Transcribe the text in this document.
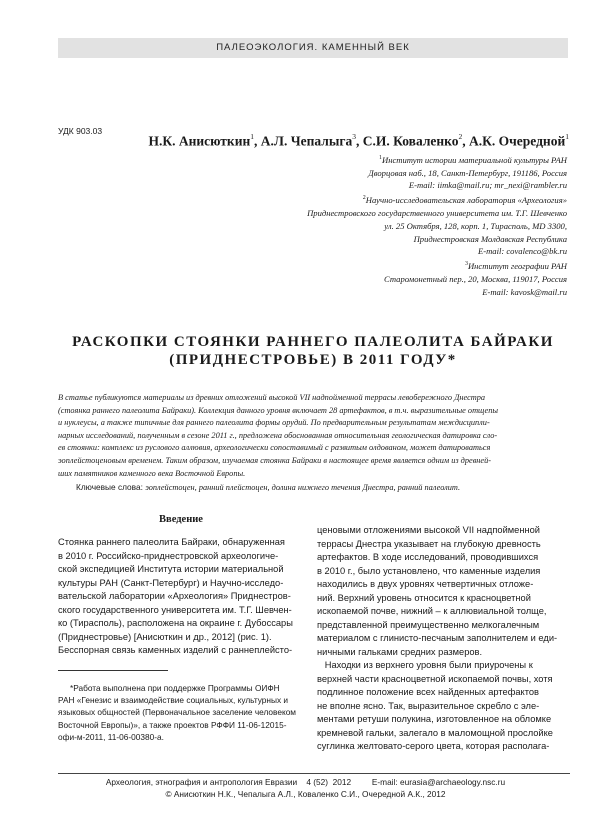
ПАЛЕОЭКОЛОГИЯ. КАМЕННЫЙ ВЕК
УДК 903.03
Н.К. Анисюткин$^1$, А.Л. Чепалыга$^3$, С.И. Коваленко$^2$, А.К. Очередной$^1$
$^1$Институт истории материальной культуры РАН
Дворцовая наб., 18, Санкт-Петербург, 191186, Россия
E-mail: iimka@mail.ru; mr_nexi@rambler.ru
$^2$Научно-исследовательская лаборатория «Археология»
Приднестровского государственного университета им. Т.Г. Шевченко
ул. 25 Октября, 128, корп. 1, Тирасполь, MD 3300,
Приднестровская Молдавская Республика
E-mail: covalenco@bk.ru
$^3$Институт географии РАН
Старомонетный пер., 20, Москва, 119017, Россия
E-mail: kavosk@mail.ru
РАСКОПКИ СТОЯНКИ РАННЕГО ПАЛЕОЛИТА БАЙРАКИ
(ПРИДНЕСТРОВЬЕ) В 2011 ГОДУ*
В статье публикуются материалы из древних отложений высокой VII надпойменной террасы левобережного Днестра
(стоянка раннего палеолита Байраки). Коллекция данного уровня включает 28 артефактов, в т.ч. выразительные отщепы
и нуклеусы, а также типичные для раннего палеолита формы орудий. По предварительным результатам междисципли-
нарных исследований, полученным в сезоне 2011 г., предложена обоснованная относительная геологическая датировка сло-
ев стоянки: комплекс из руслового аллювия, археологически сопоставимый с развитым олдованом, может датироваться
эоплейстоценовым временем. Таким образом, изучаемая стоянка Байраки в настоящее время является одним из древней-
ших памятников каменного века Восточной Европы.
Ключевые слова: эоплейстоцен, ранний плейстоцен, долина нижнего течения Днестра, ранний палеолит.
Введение
Стоянка раннего палеолита Байраки, обнаруженная
в 2010 г. Российско-приднестровской археологиче-
ской экспедицией Института истории материальной
культуры РАН (Санкт-Петербург) и Научно-исследо-
вательской лаборатории «Археология» Приднестров-
ского государственного университета им. Т.Г. Шевчен-
ко (Тирасполь), расположена на окраине г. Дубоссары
(Приднестровье) [Анисюткин и др., 2012] (рис. 1).
Бесспорная связь каменных изделий с раннеплейсто-
ценовыми отложениями высокой VII надпойменной
террасы Днестра указывает на глубокую древность
артефактов. В ходе исследований, проводившихся
в 2010 г., было установлено, что каменные изделия
находились в двух уровнях четвертичных отложе-
ний. Верхний уровень относится к красноцветной
ископаемой почве, нижний – к аллювиальной толще,
представленной преимущественно мелкогалечным
материалом с глинисто-песчаным заполнителем и еди-
ничными гальками средних размеров.
Находки из верхнего уровня были приурочены к
верхней части красноцветной ископаемой почвы, хотя
подлинное положение всех найденных артефактов
не вполне ясно. Так, выразительное скребло с эле-
ментами ретуши полукина, изготовленное на обломке
кремневой гальки, залегало в маломощной прослойке
суглинка желтовато-серого цвета, которая располага-
*Работа выполнена при поддержке Программы ОИФН
РАН «Генезис и взаимодействие социальных, культурных и
языковых общностей (Первоначальное заселение человеком
Восточной Европы)», а также проектов РФФИ 11-06-12015-
офи-м-2011, 11-06-00380-а.
Археология, этнография и антропология Евразии    4 (52)  2012         E-mail: eurasia@archaeology.nsc.ru
© Анисюткин Н.К., Чепалыга А.Л., Коваленко С.И., Очередной А.К., 2012
